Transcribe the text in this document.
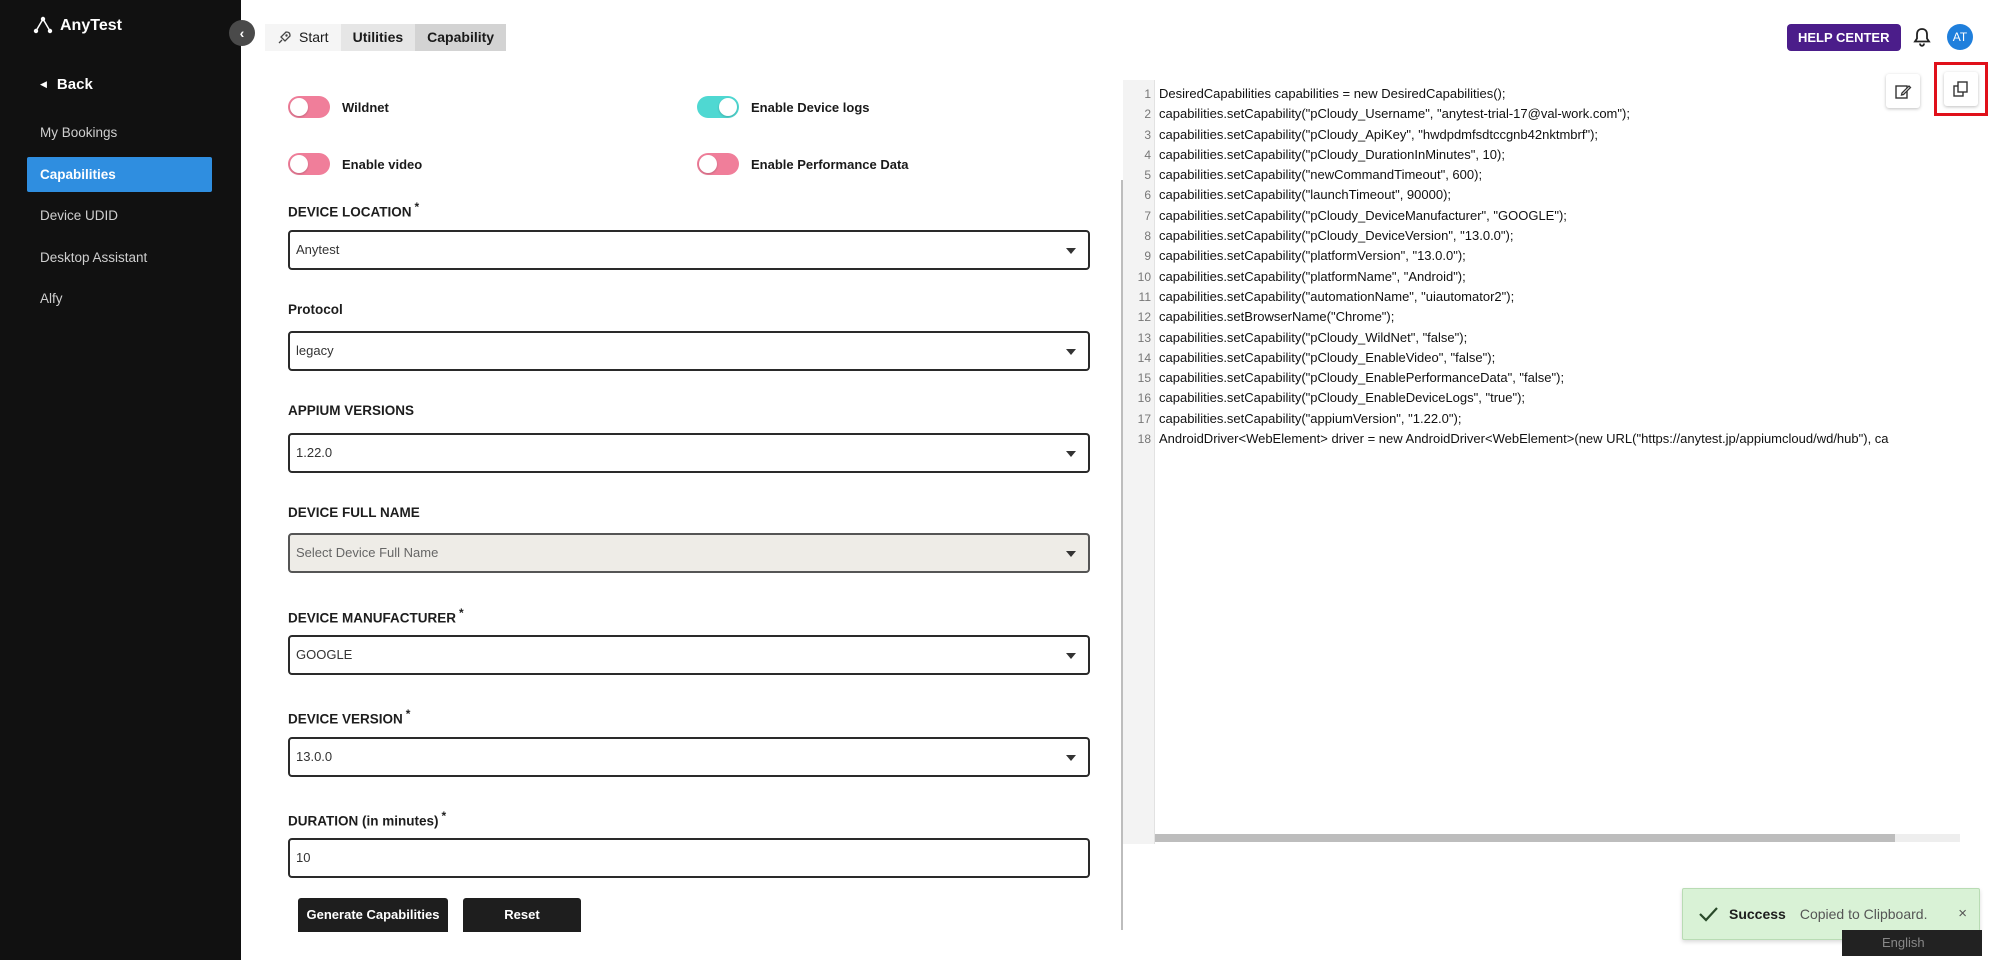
AnyTest
◀ Back
My Bookings
Capabilities
Device UDID
Desktop Assistant
Alfy
‹	Start	Utilities	Capability	HELP CENTER	AT
Wildnet	Enable Device logs
Enable video	Enable Performance Data
DEVICE LOCATION *
Anytest
Protocol
legacy
APPIUM VERSIONS
1.22.0
DEVICE FULL NAME
Select Device Full Name
DEVICE MANUFACTURER *
GOOGLE
DEVICE VERSION *
13.0.0
DURATION (in minutes) *
10
Generate Capabilities	Reset
1 DesiredCapabilities capabilities = new DesiredCapabilities();
2 capabilities.setCapability("pCloudy_Username", "anytest-trial-17@val-work.com");
3 capabilities.setCapability("pCloudy_ApiKey", "hwdpdmfsdtccgnb42nktmbrf");
4 capabilities.setCapability("pCloudy_DurationInMinutes", 10);
5 capabilities.setCapability("newCommandTimeout", 600);
6 capabilities.setCapability("launchTimeout", 90000);
7 capabilities.setCapability("pCloudy_DeviceManufacturer", "GOOGLE");
8 capabilities.setCapability("pCloudy_DeviceVersion", "13.0.0");
9 capabilities.setCapability("platformVersion", "13.0.0");
10 capabilities.setCapability("platformName", "Android");
11 capabilities.setCapability("automationName", "uiautomator2");
12 capabilities.setBrowserName("Chrome");
13 capabilities.setCapability("pCloudy_WildNet", "false");
14 capabilities.setCapability("pCloudy_EnableVideo", "false");
15 capabilities.setCapability("pCloudy_EnablePerformanceData", "false");
16 capabilities.setCapability("pCloudy_EnableDeviceLogs", "true");
17 capabilities.setCapability("appiumVersion", "1.22.0");
18 AndroidDriver<WebElement> driver = new AndroidDriver<WebElement>(new URL("https://anytest.jp/appiumcloud/wd/hub"), ca
Success Copied to Clipboard. ×
English
